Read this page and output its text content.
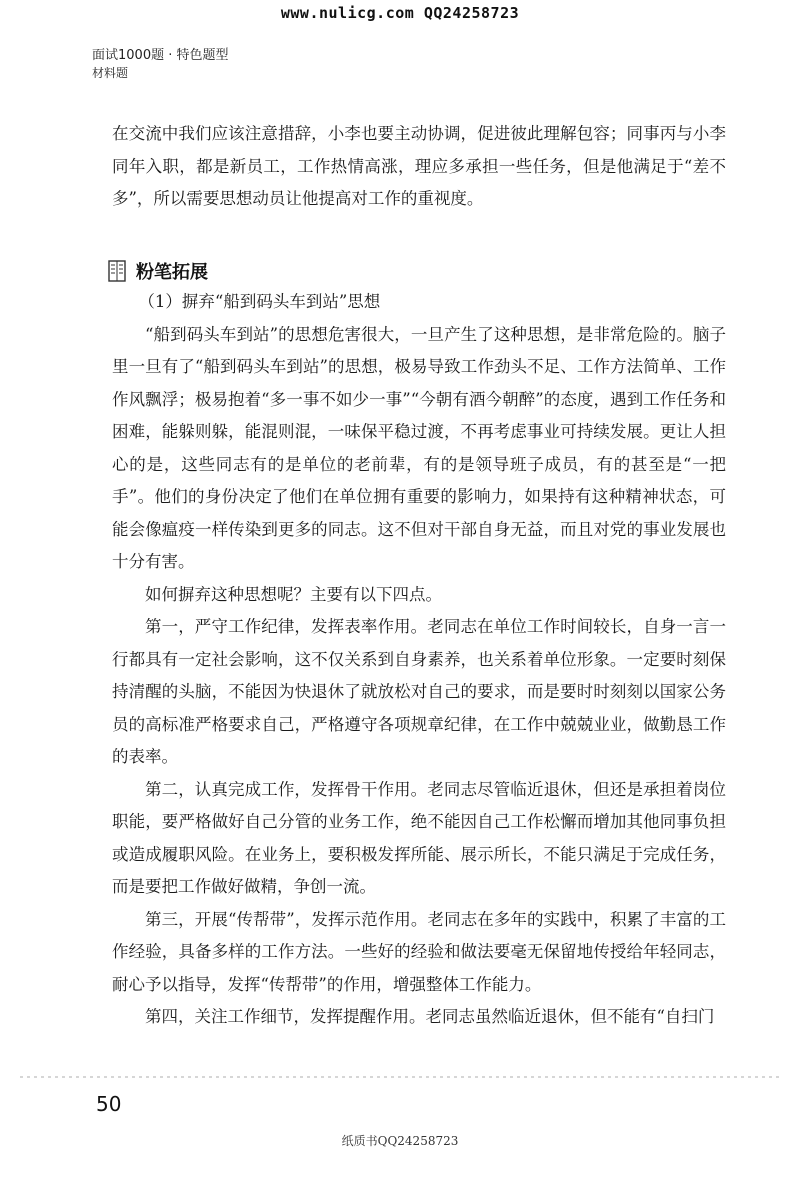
www.nulicg.com QQ24258723
面试1000题 · 特色题型
材料题

在交流中我们应该注意措辞，小李也要主动协调，促进彼此理解包容；同事丙与小李同年入职，都是新员工，工作热情高涨，理应多承担一些任务，但是他满足于“差不多”，所以需要思想动员让他提高对工作的重视度。

粉笔拓展

（1）摒弃“船到码头车到站”思想

“船到码头车到站”的思想危害很大，一旦产生了这种思想，是非常危险的。脑子里一旦有了“船到码头车到站”的思想，极易导致工作劲头不足、工作方法简单、工作作风飘浮；极易抱着“多一事不如少一事”“今朝有酒今朝醉”的态度，遇到工作任务和困难，能躲则躲，能混则混，一味保平稳过渡，不再考虑事业可持续发展。更让人担心的是，这些同志有的是单位的老前辈，有的是领导班子成员，有的甚至是“一把手”。他们的身份决定了他们在单位拥有重要的影响力，如果持有这种精神状态，可能会像瘟疫一样传染到更多的同志。这不但对干部自身无益，而且对党的事业发展也十分有害。

如何摒弃这种思想呢？主要有以下四点。

第一，严守工作纪律，发挥表率作用。老同志在单位工作时间较长，自身一言一行都具有一定社会影响，这不仅关系到自身素养，也关系着单位形象。一定要时刻保持清醒的头脑，不能因为快退休了就放松对自己的要求，而是要时时刻刻以国家公务员的高标准严格要求自己，严格遵守各项规章纪律，在工作中兢兢业业，做勤恳工作的表率。

第二，认真完成工作，发挥骨干作用。老同志尽管临近退休，但还是承担着岗位职能，要严格做好自己分管的业务工作，绝不能因自己工作松懈而增加其他同事负担或造成履职风险。在业务上，要积极发挥所能、展示所长，不能只满足于完成任务，而是要把工作做好做精，争创一流。

第三，开展“传帮带”，发挥示范作用。老同志在多年的实践中，积累了丰富的工作经验，具备多样的工作方法。一些好的经验和做法要毫无保留地传授给年轻同志，耐心予以指导，发挥“传帮带”的作用，增强整体工作能力。

第四，关注工作细节，发挥提醒作用。老同志虽然临近退休，但不能有“自扫门

50
纸质书QQ24258723
